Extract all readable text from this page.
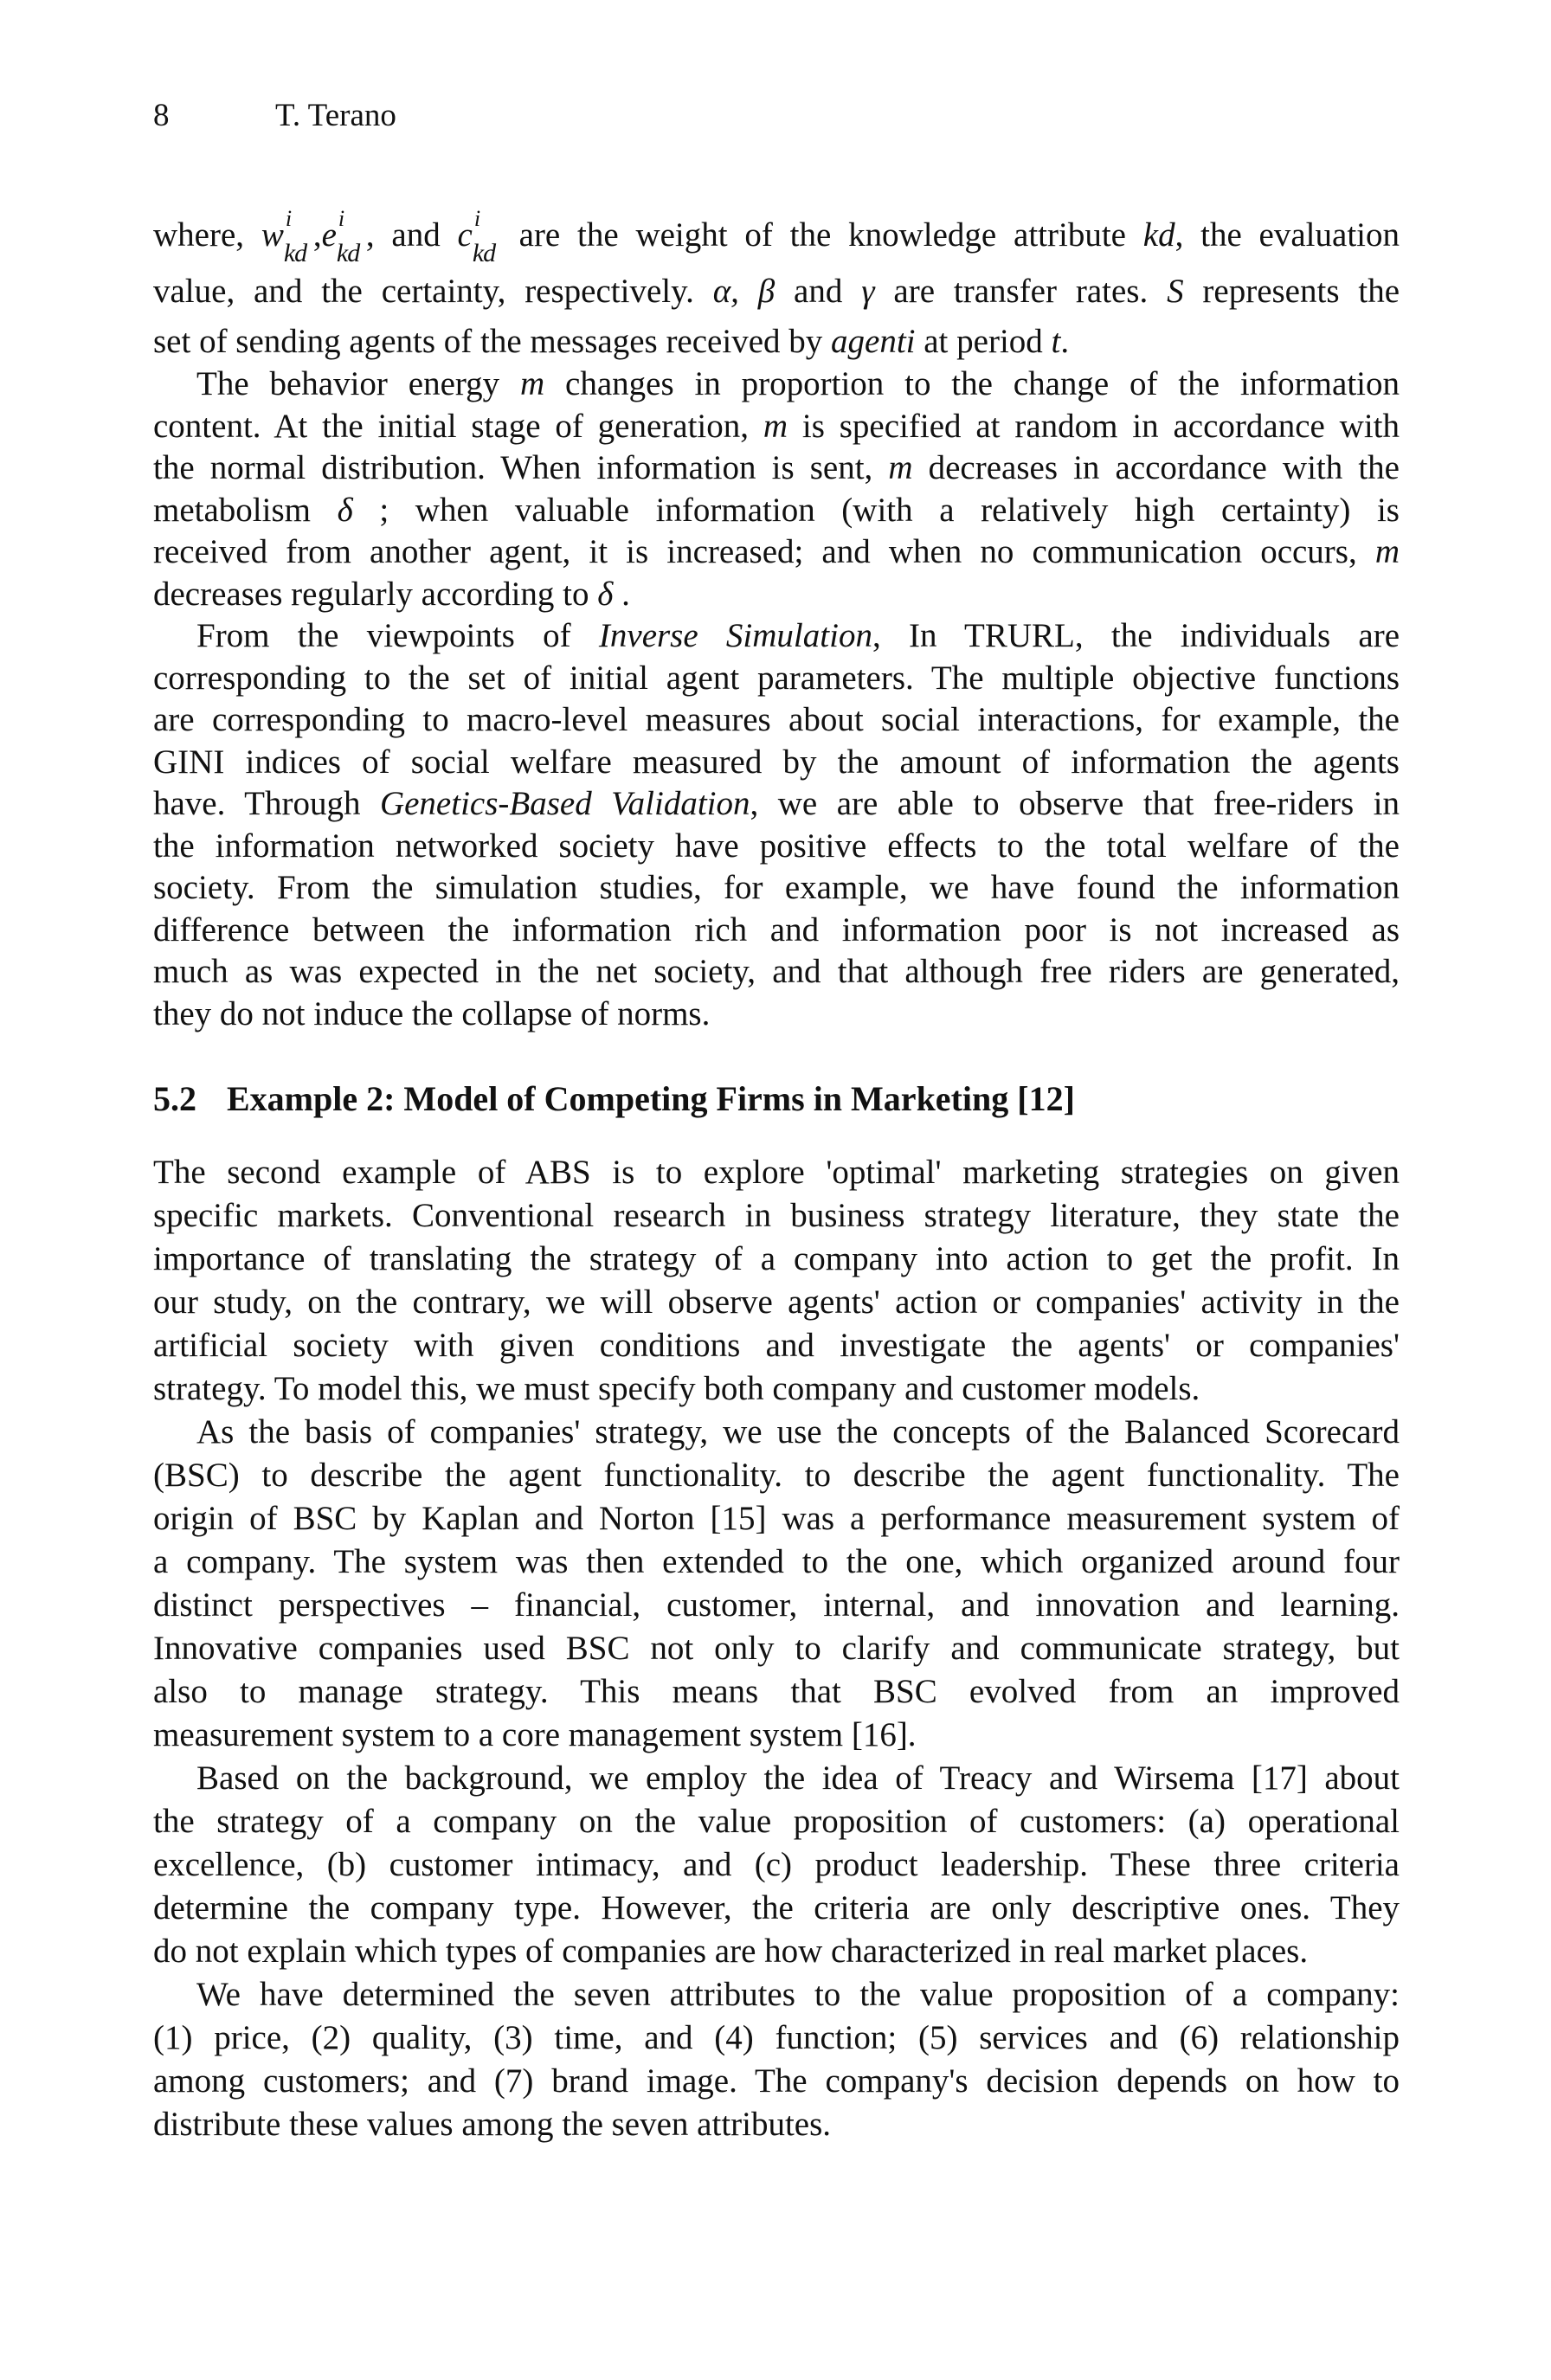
8	T. Terano
where, w i
kd ,e i
kd , and c i
kd are the weight of the knowledge attribute kd, the evaluation
value, and the certainty, respectively. α, β and γ are transfer rates. S represents the
set of sending agents of the messages received by agenti at period t.
The behavior energy m changes in proportion to the change of the information
content. At the initial stage of generation, m is specified at random in accordance with
the normal distribution. When information is sent, m decreases in accordance with the
metabolism δ ; when valuable information (with a relatively high certainty) is
received from another agent, it is increased; and when no communication occurs, m
decreases regularly according to δ .
From the viewpoints of Inverse Simulation, In TRURL, the individuals are
corresponding to the set of initial agent parameters. The multiple objective functions
are corresponding to macro-level measures about social interactions, for example, the
GINI indices of social welfare measured by the amount of information the agents
have. Through Genetics-Based Validation, we are able to observe that free-riders in
the information networked society have positive effects to the total welfare of the
society. From the simulation studies, for example, we have found the information
difference between the information rich and information poor is not increased as
much as was expected in the net society, and that although free riders are generated,
they do not induce the collapse of norms.
5.2 Example 2: Model of Competing Firms in Marketing [12]
The second example of ABS is to explore 'optimal' marketing strategies on given
specific markets. Conventional research in business strategy literature, they state the
importance of translating the strategy of a company into action to get the profit. In
our study, on the contrary, we will observe agents' action or companies' activity in the
artificial society with given conditions and investigate the agents' or companies'
strategy. To model this, we must specify both company and customer models.
As the basis of companies' strategy, we use the concepts of the Balanced Scorecard
(BSC) to describe the agent functionality. to describe the agent functionality. The
origin of BSC by Kaplan and Norton [15] was a performance measurement system of
a company. The system was then extended to the one, which organized around four
distinct perspectives – financial, customer, internal, and innovation and learning.
Innovative companies used BSC not only to clarify and communicate strategy, but
also to manage strategy. This means that BSC evolved from an improved
measurement system to a core management system [16].
Based on the background, we employ the idea of Treacy and Wirsema [17] about
the strategy of a company on the value proposition of customers: (a) operational
excellence, (b) customer intimacy, and (c) product leadership. These three criteria
determine the company type. However, the criteria are only descriptive ones. They
do not explain which types of companies are how characterized in real market places.
We have determined the seven attributes to the value proposition of a company:
(1) price, (2) quality, (3) time, and (4) function; (5) services and (6) relationship
among customers; and (7) brand image. The company's decision depends on how to
distribute these values among the seven attributes.
